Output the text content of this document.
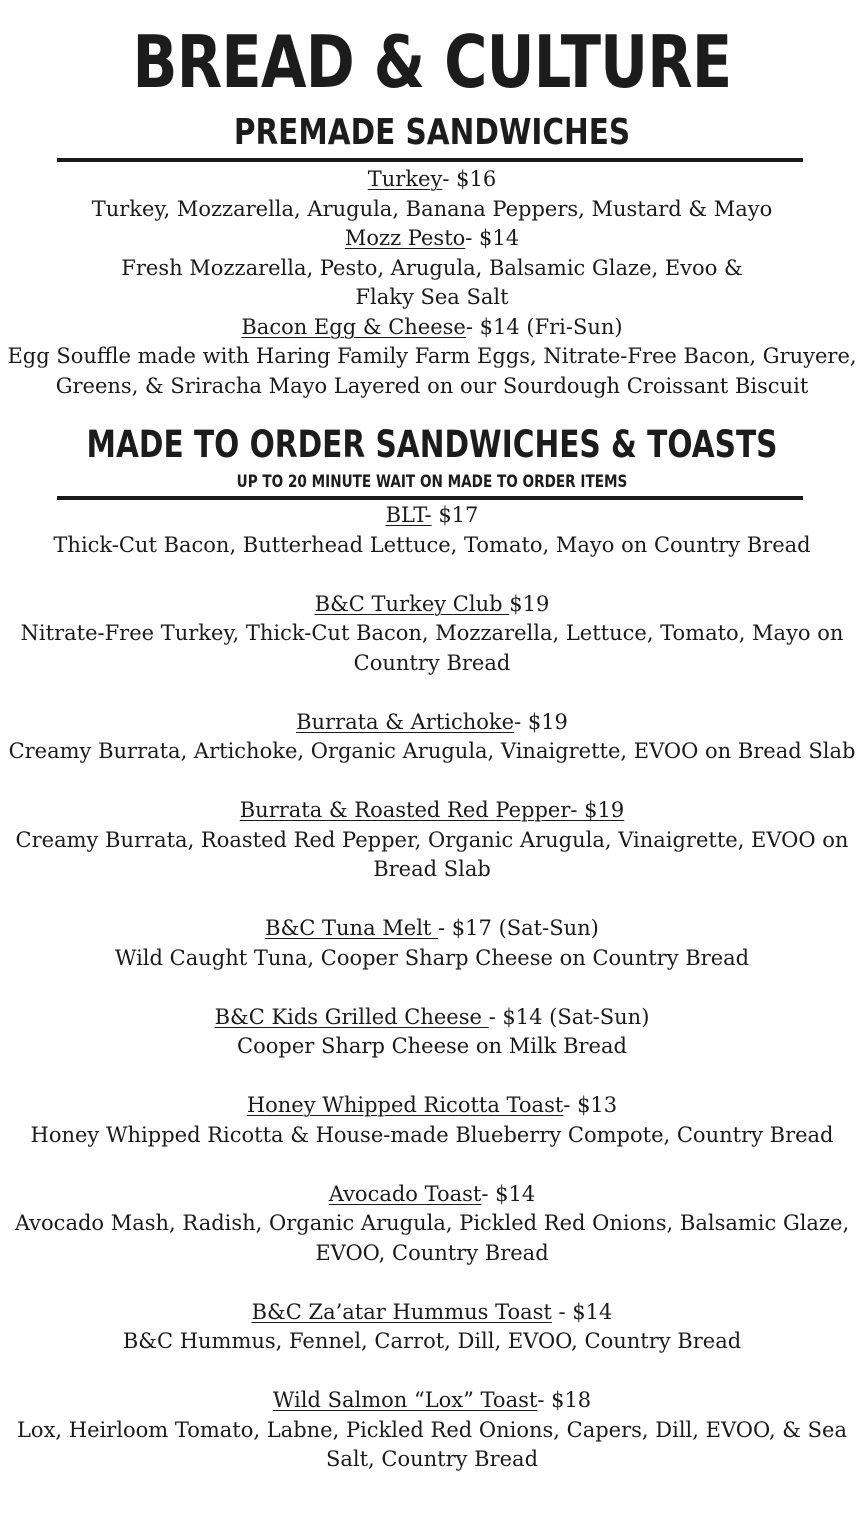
BREAD & CULTURE
PREMADE SANDWICHES
Turkey- $16
Turkey, Mozzarella, Arugula, Banana Peppers, Mustard & Mayo
Mozz Pesto- $14
Fresh Mozzarella, Pesto, Arugula, Balsamic Glaze, Evoo & Flaky Sea Salt
Bacon Egg & Cheese- $14 (Fri-Sun)
Egg Souffle made with Haring Family Farm Eggs, Nitrate-Free Bacon, Gruyere, Greens, & Sriracha Mayo Layered on our Sourdough Croissant Biscuit
MADE TO ORDER SANDWICHES & TOASTS
UP TO 20 MINUTE WAIT ON MADE TO ORDER ITEMS
BLT- $17
Thick-Cut Bacon, Butterhead Lettuce, Tomato, Mayo on Country Bread
B&C Turkey Club $19
Nitrate-Free Turkey, Thick-Cut Bacon, Mozzarella, Lettuce, Tomato, Mayo on Country Bread
Burrata & Artichoke- $19
Creamy Burrata, Artichoke, Organic Arugula, Vinaigrette, EVOO on Bread Slab
Burrata & Roasted Red Pepper- $19
Creamy Burrata, Roasted Red Pepper, Organic Arugula, Vinaigrette, EVOO on Bread Slab
B&C Tuna Melt - $17 (Sat-Sun)
Wild Caught Tuna, Cooper Sharp Cheese on Country Bread
B&C Kids Grilled Cheese - $14 (Sat-Sun)
Cooper Sharp Cheese on Milk Bread
Honey Whipped Ricotta Toast- $13
Honey Whipped Ricotta & House-made Blueberry Compote, Country Bread
Avocado Toast- $14
Avocado Mash, Radish, Organic Arugula, Pickled Red Onions, Balsamic Glaze, EVOO, Country Bread
B&C Za’atar Hummus Toast - $14
B&C Hummus, Fennel, Carrot, Dill, EVOO, Country Bread
Wild Salmon “Lox” Toast- $18
Lox, Heirloom Tomato, Labne, Pickled Red Onions, Capers, Dill, EVOO, & Sea Salt, Country Bread
